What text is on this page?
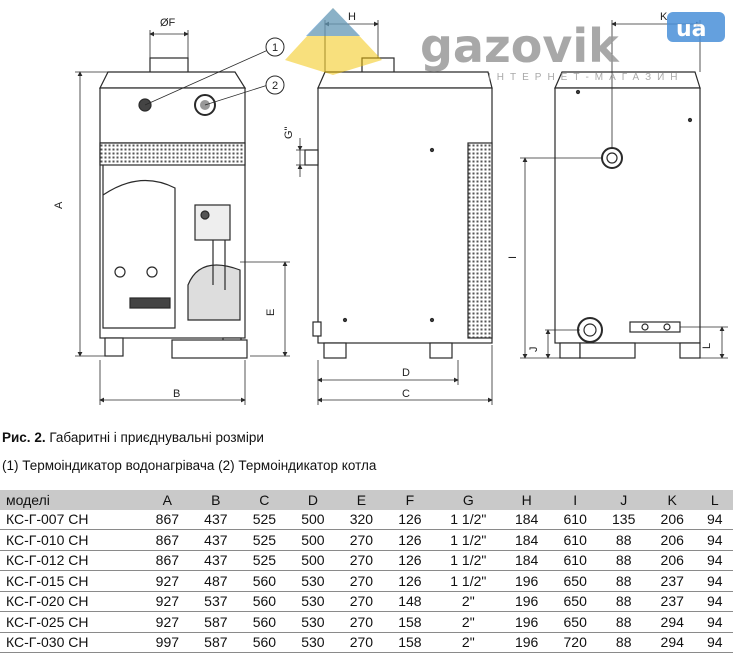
ØF
A
B
E
1
2
H
G"
D
C
K
I
J
L
gazovik	ua
ІНТЕРНЕТ-МАГАЗИН
Рис. 2. Габаритні і приєднувальні розміри
(1) Термоіндикатор водонагрівача (2) Термоіндикатор котла
моделі	A	B	C	D	E	F	G	H	I	J	K	L
КС-Г-007 СН	867	437	525	500	320	126	1 1/2"	184	610	135	206	94
КС-Г-010 СН	867	437	525	500	270	126	1 1/2"	184	610	88	206	94
КС-Г-012 СН	867	437	525	500	270	126	1 1/2"	184	610	88	206	94
КС-Г-015 СН	927	487	560	530	270	126	1 1/2"	196	650	88	237	94
КС-Г-020 СН	927	537	560	530	270	148	2"	196	650	88	237	94
КС-Г-025 СН	927	587	560	530	270	158	2"	196	650	88	294	94
КС-Г-030 СН	997	587	560	530	270	158	2"	196	720	88	294	94
